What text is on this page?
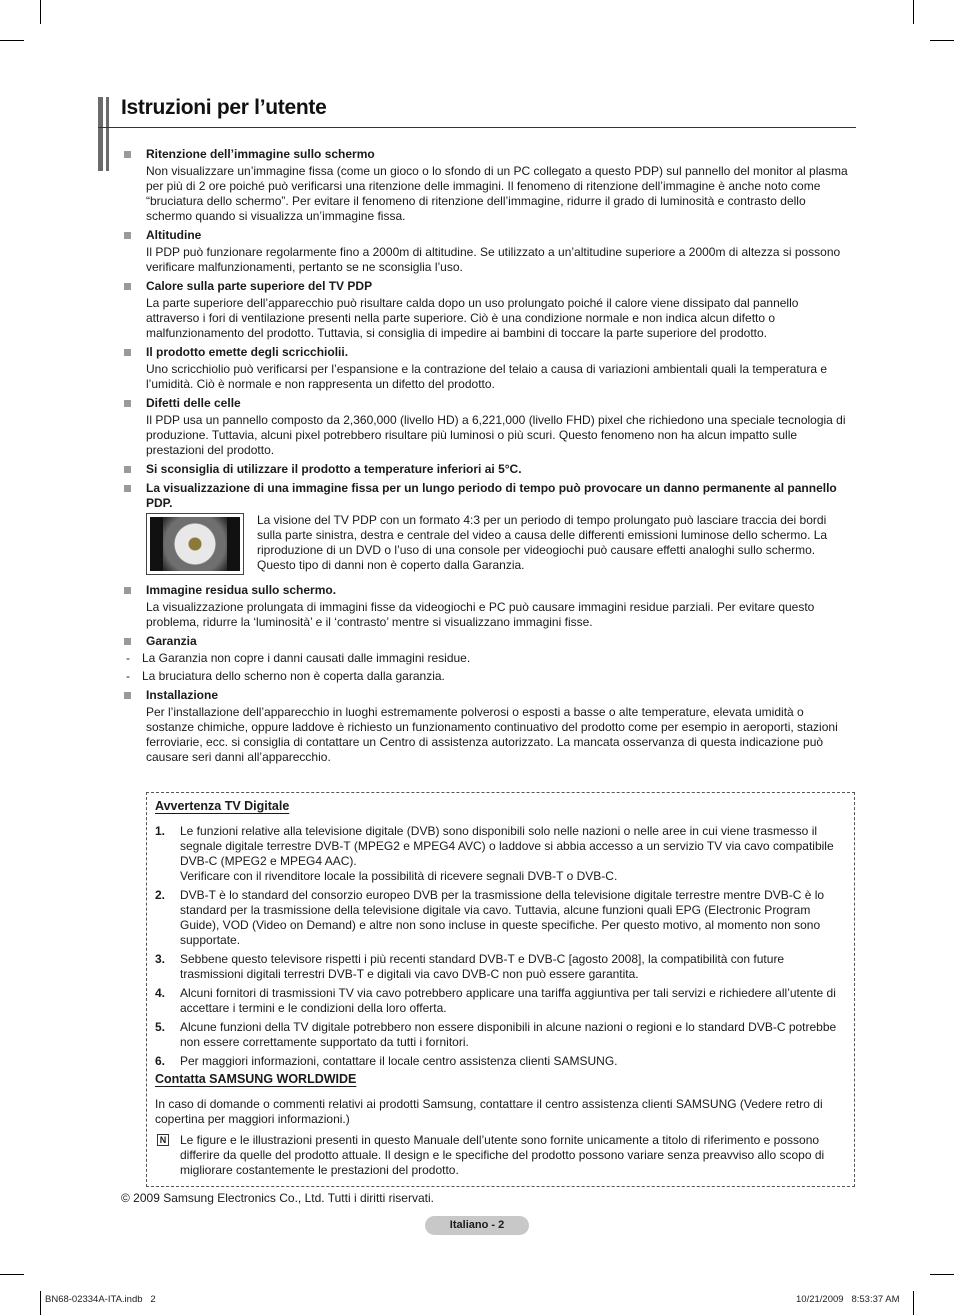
Istruzioni per l’utente
Ritenzione dell’immagine sullo schermo
Non visualizzare un’immagine fissa (come un gioco o lo sfondo di un PC collegato a questo PDP) sul pannello del monitor al plasma per più di 2 ore poiché può verificarsi una ritenzione delle immagini. Il fenomeno di ritenzione dell’immagine è anche noto come “bruciatura dello schermo”. Per evitare il fenomeno di ritenzione dell’immagine, ridurre il grado di luminosità e contrasto dello schermo quando si visualizza un’immagine fissa.
Altitudine
Il PDP può funzionare regolarmente fino a 2000m di altitudine. Se utilizzato a un’altitudine superiore a 2000m di altezza si possono verificare malfunzionamenti, pertanto se ne sconsiglia l’uso.
Calore sulla parte superiore del TV PDP
La parte superiore dell’apparecchio può risultare calda dopo un uso prolungato poiché il calore viene dissipato dal pannello attraverso i fori di ventilazione presenti nella parte superiore. Ciò è una condizione normale e non indica alcun difetto o malfunzionamento del prodotto. Tuttavia, si consiglia di impedire ai bambini di toccare la parte superiore del prodotto.
Il prodotto emette degli scricchiolii.
Uno scricchiolio può verificarsi per l’espansione e la contrazione del telaio a causa di variazioni ambientali quali la temperatura e l’umidità. Ciò è normale e non rappresenta un difetto del prodotto.
Difetti delle celle
Il PDP usa un pannello composto da 2,360,000 (livello HD) a 6,221,000 (livello FHD) pixel che richiedono una speciale tecnologia di produzione. Tuttavia, alcuni pixel potrebbero risultare più luminosi o più scuri. Questo fenomeno non ha alcun impatto sulle prestazioni del prodotto.
Si sconsiglia di utilizzare il prodotto a temperature inferiori ai 5°C.
La visualizzazione di una immagine fissa per un lungo periodo di tempo può provocare un danno permanente al pannello PDP.
La visione del TV PDP con un formato 4:3 per un periodo di tempo prolungato può lasciare traccia dei bordi sulla parte sinistra, destra e centrale del video a causa delle differenti emissioni luminose dello schermo. La riproduzione di un DVD o l’uso di una console per videogiochi può causare effetti analoghi sullo schermo. Questo tipo di danni non è coperto dalla Garanzia.
Immagine residua sullo schermo.
La visualizzazione prolungata di immagini fisse da videogiochi e PC può causare immagini residue parziali. Per evitare questo problema, ridurre la ‘luminosità’ e il ‘contrasto’ mentre si visualizzano immagini fisse.
Garanzia
- La Garanzia non copre i danni causati dalle immagini residue.
- La bruciatura dello scherno non è coperta dalla garanzia.
Installazione
Per l’installazione dell’apparecchio in luoghi estremamente polverosi o esposti a basse o alte temperature, elevata umidità o sostanze chimiche, oppure laddove è richiesto un funzionamento continuativo del prodotto come per esempio in aeroporti, stazioni ferroviarie, ecc. si consiglia di contattare un Centro di assistenza autorizzato. La mancata osservanza di questa indicazione può causare seri danni all’apparecchio.
Avvertenza TV Digitale
1. Le funzioni relative alla televisione digitale (DVB) sono disponibili solo nelle nazioni o nelle aree in cui viene trasmesso il segnale digitale terrestre DVB-T (MPEG2 e MPEG4 AVC) o laddove si abbia accesso a un servizio TV via cavo compatibile DVB-C (MPEG2 e MPEG4 AAC).
Verificare con il rivenditore locale la possibilità di ricevere segnali DVB-T o DVB-C.
2. DVB-T è lo standard del consorzio europeo DVB per la trasmissione della televisione digitale terrestre mentre DVB-C è lo standard per la trasmissione della televisione digitale via cavo. Tuttavia, alcune funzioni quali EPG (Electronic Program Guide), VOD (Video on Demand) e altre non sono incluse in queste specifiche. Per questo motivo, al momento non sono supportate.
3. Sebbene questo televisore rispetti i più recenti standard DVB-T e DVB-C [agosto 2008], la compatibilità con future trasmissioni digitali terrestri DVB-T e digitali via cavo DVB-C non può essere garantita.
4. Alcuni fornitori di trasmissioni TV via cavo potrebbero applicare una tariffa aggiuntiva per tali servizi e richiedere all’utente di accettare i termini e le condizioni della loro offerta.
5. Alcune funzioni della TV digitale potrebbero non essere disponibili in alcune nazioni o regioni e lo standard DVB-C potrebbe non essere correttamente supportato da tutti i fornitori.
6. Per maggiori informazioni, contattare il locale centro assistenza clienti SAMSUNG.
Contatta SAMSUNG WORLDWIDE
In caso di domande o commenti relativi ai prodotti Samsung, contattare il centro assistenza clienti SAMSUNG (Vedere retro di copertina per maggiori informazioni.)
N Le figure e le illustrazioni presenti in questo Manuale dell’utente sono fornite unicamente a titolo di riferimento e possono differire da quelle del prodotto attuale. Il design e le specifiche del prodotto possono variare senza preavviso allo scopo di migliorare costantemente le prestazioni del prodotto.
© 2009 Samsung Electronics Co., Ltd. Tutti i diritti riservati.
Italiano - 2
BN68-02334A-ITA.indb   2	10/21/2009   8:53:37 AM
